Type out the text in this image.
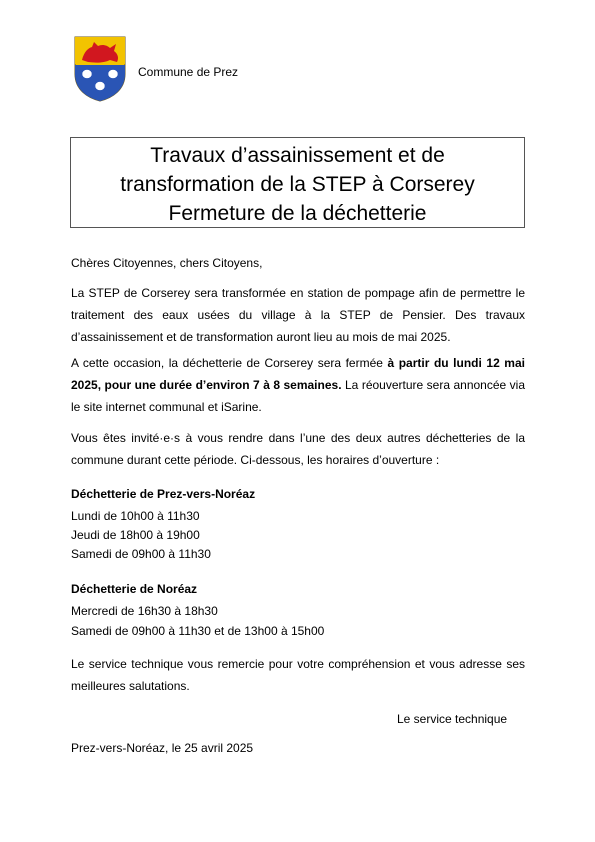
Commune de Prez
Travaux d’assainissement et de
transformation de la STEP à Corserey
Fermeture de la déchetterie
Chères Citoyennes, chers Citoyens,
La STEP de Corserey sera transformée en station de pompage afin de permettre le traitement des eaux usées du village à la STEP de Pensier. Des travaux d’assainissement et de transformation auront lieu au mois de mai 2025.
A cette occasion, la déchetterie de Corserey sera fermée à partir du lundi 12 mai 2025, pour une durée d’environ 7 à 8 semaines. La réouverture sera annoncée via le site internet communal et iSarine.
Vous êtes invité·e·s à vous rendre dans l’une des deux autres déchetteries de la commune durant cette période. Ci-dessous, les horaires d’ouverture :
Déchetterie de Prez-vers-Noréaz
Lundi de 10h00 à 11h30
Jeudi de 18h00 à 19h00
Samedi de 09h00 à 11h30
Déchetterie de Noréaz
Mercredi de 16h30 à 18h30
Samedi de 09h00 à 11h30 et de 13h00 à 15h00
Le service technique vous remercie pour votre compréhension et vous adresse ses meilleures salutations.
Le service technique
Prez-vers-Noréaz, le 25 avril 2025
